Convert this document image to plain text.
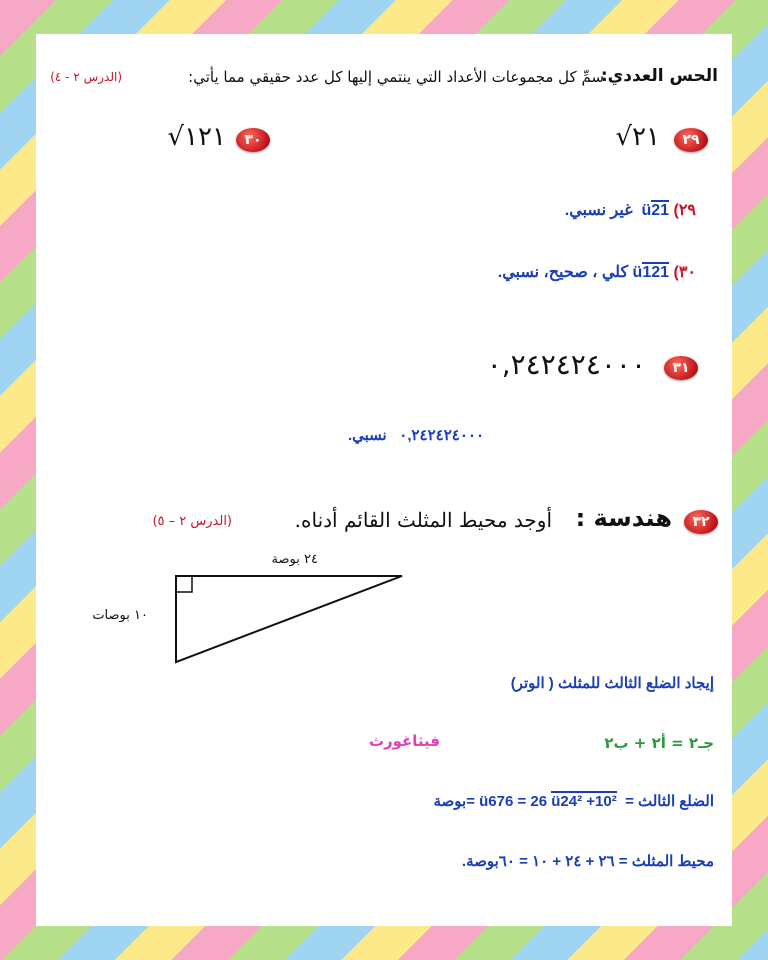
الحس العددي:
سمِّ كل مجموعات الأعداد التي ينتمي إليها كل عدد حقيقي مما يأتي:
(الدرس ٢ - ٤)
٢٩
٢١√
٣٠
١٢١√
٢٩) ü21  غير نسبي.
٣٠) ü121 كلي ، صحيح، نسبي.
٣١
٠,٢٤٢٤٢٤٠٠٠
٠,٢٤٢٤٢٤٠٠٠   نسبي.
٣٢
هندسة :
أوجد محيط المثلث القائم أدناه.
(الدرس ٢ – ٥)
٢٤ بوصة
١٠ بوصات
إيجاد الضلع الثالث للمثلث ( الوتر)
جـ٢ = أ٢ + ب٢
فيثاغورث
الضلع الثالث = = ü676 = 26 ü24² +10² بوصة
محيط المثلث = ٢٦ + ٢٤ + ١٠ = ٦٠بوصة.
